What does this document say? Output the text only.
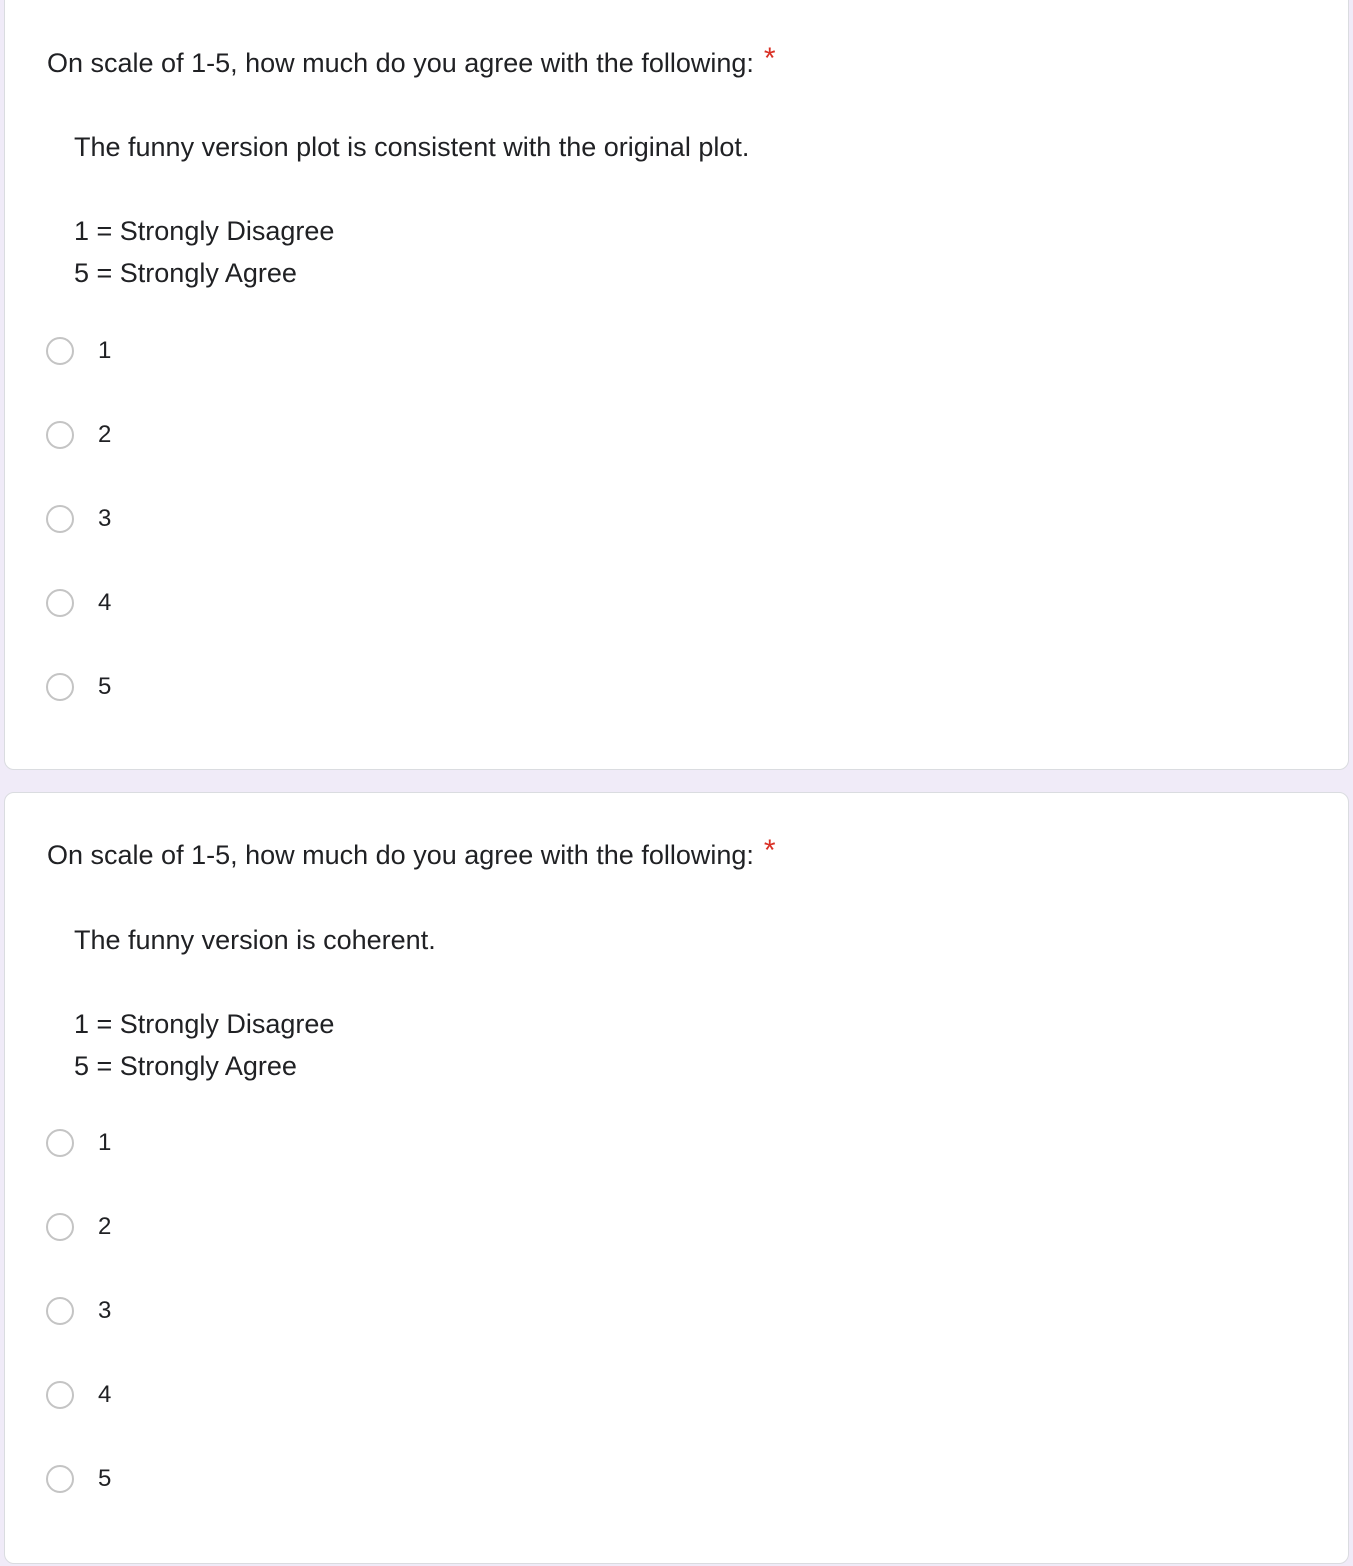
On scale of 1-5, how much do you agree with the following: *

The funny version plot is consistent with the original plot.

1 = Strongly Disagree

5 = Strongly Agree

1
2
3
4
5
On scale of 1-5, how much do you agree with the following: *

The funny version is coherent.

1 = Strongly Disagree

5 = Strongly Agree

1
2
3
4
5
